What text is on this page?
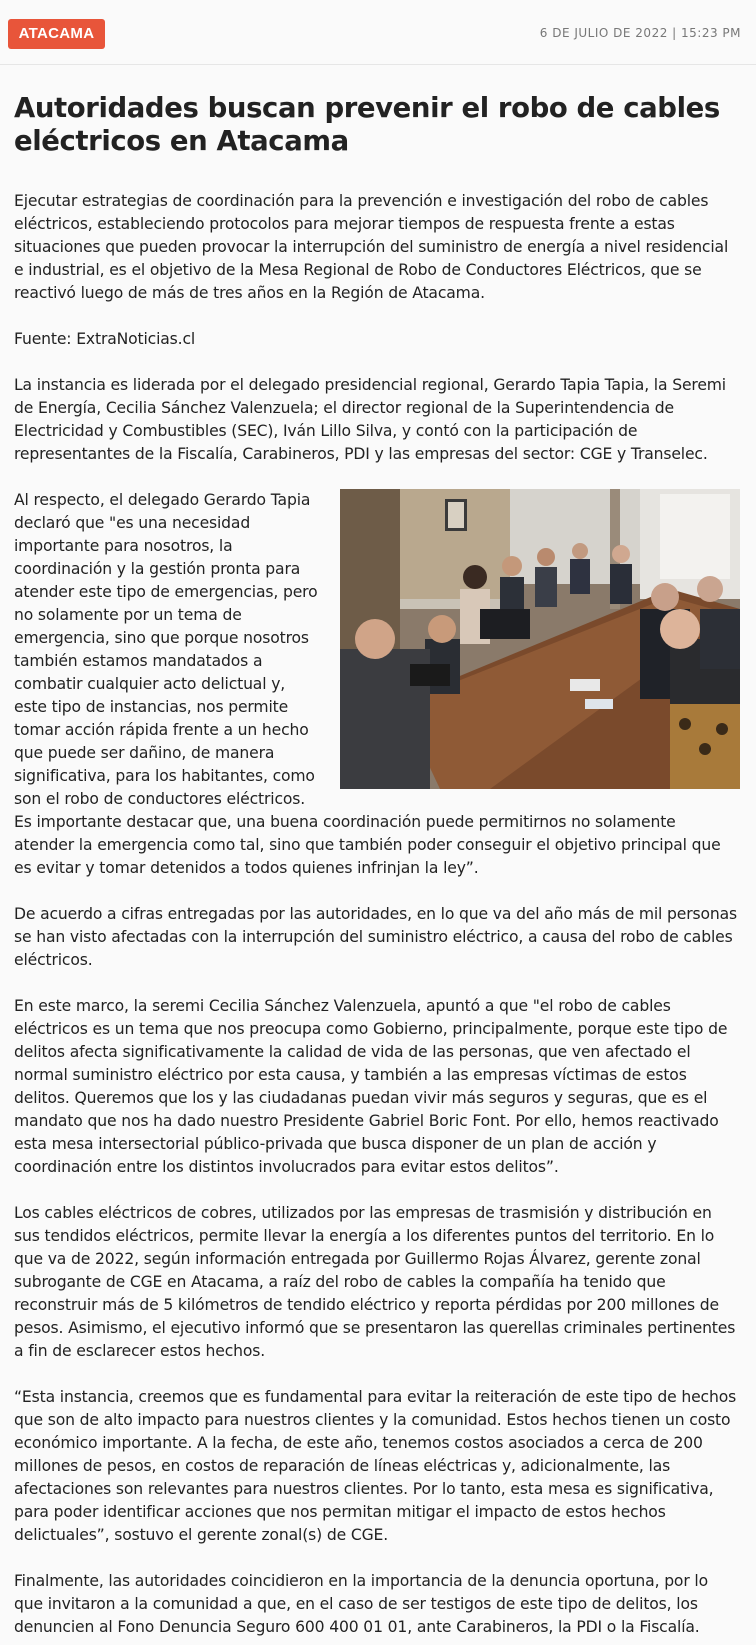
ATACAMA	6 DE JULIO DE 2022 | 15:23 PM
Autoridades buscan prevenir el robo de cables eléctricos en Atacama

Ejecutar estrategias de coordinación para la prevención e investigación del robo de cables eléctricos, estableciendo protocolos para mejorar tiempos de respuesta frente a estas situaciones que pueden provocar la interrupción del suministro de energía a nivel residencial e industrial, es el objetivo de la Mesa Regional de Robo de Conductores Eléctricos, que se reactivó luego de más de tres años en la Región de Atacama.

Fuente: ExtraNoticias.cl

La instancia es liderada por el delegado presidencial regional, Gerardo Tapia Tapia, la Seremi de Energía, Cecilia Sánchez Valenzuela; el director regional de la Superintendencia de Electricidad y Combustibles (SEC), Iván Lillo Silva, y contó con la participación de representantes de la Fiscalía, Carabineros, PDI y las empresas del sector: CGE y Transelec.

Al respecto, el delegado Gerardo Tapia declaró que "es una necesidad importante para nosotros, la coordinación y la gestión pronta para atender este tipo de emergencias, pero no solamente por un tema de emergencia, sino que porque nosotros también estamos mandatados a combatir cualquier acto delictual y, este tipo de instancias, nos permite tomar acción rápida frente a un hecho que puede ser dañino, de manera significativa, para los habitantes, como son el robo de conductores eléctricos. Es importante destacar que, una buena coordinación puede permitirnos no solamente atender la emergencia como tal, sino que también poder conseguir el objetivo principal que es evitar y tomar detenidos a todos quienes infrinjan la ley”.

De acuerdo a cifras entregadas por las autoridades, en lo que va del año más de mil personas se han visto afectadas con la interrupción del suministro eléctrico, a causa del robo de cables eléctricos.

En este marco, la seremi Cecilia Sánchez Valenzuela, apuntó a que "el robo de cables eléctricos es un tema que nos preocupa como Gobierno, principalmente, porque este tipo de delitos afecta significativamente la calidad de vida de las personas, que ven afectado el normal suministro eléctrico por esta causa, y también a las empresas víctimas de estos delitos. Queremos que los y las ciudadanas puedan vivir más seguros y seguras, que es el mandato que nos ha dado nuestro Presidente Gabriel Boric Font. Por ello, hemos reactivado esta mesa intersectorial público-privada que busca disponer de un plan de acción y coordinación entre los distintos involucrados para evitar estos delitos”.

Los cables eléctricos de cobres, utilizados por las empresas de trasmisión y distribución en sus tendidos eléctricos, permite llevar la energía a los diferentes puntos del territorio. En lo que va de 2022, según información entregada por Guillermo Rojas Álvarez, gerente zonal subrogante de CGE en Atacama, a raíz del robo de cables la compañía ha tenido que reconstruir más de 5 kilómetros de tendido eléctrico y reporta pérdidas por 200 millones de pesos. Asimismo, el ejecutivo informó que se presentaron las querellas criminales pertinentes a fin de esclarecer estos hechos.

“Esta instancia, creemos que es fundamental para evitar la reiteración de este tipo de hechos que son de alto impacto para nuestros clientes y la comunidad. Estos hechos tienen un costo económico importante. A la fecha, de este año, tenemos costos asociados a cerca de 200 millones de pesos, en costos de reparación de líneas eléctricas y, adicionalmente, las afectaciones son relevantes para nuestros clientes. Por lo tanto, esta mesa es significativa, para poder identificar acciones que nos permitan mitigar el impacto de estos hechos delictuales”, sostuvo el gerente zonal(s) de CGE.

Finalmente, las autoridades coincidieron en la importancia de la denuncia oportuna, por lo que invitaron a la comunidad a que, en el caso de ser testigos de este tipo de delitos, los denuncien al Fono Denuncia Seguro 600 400 01 01, ante Carabineros, la PDI o la Fiscalía.
